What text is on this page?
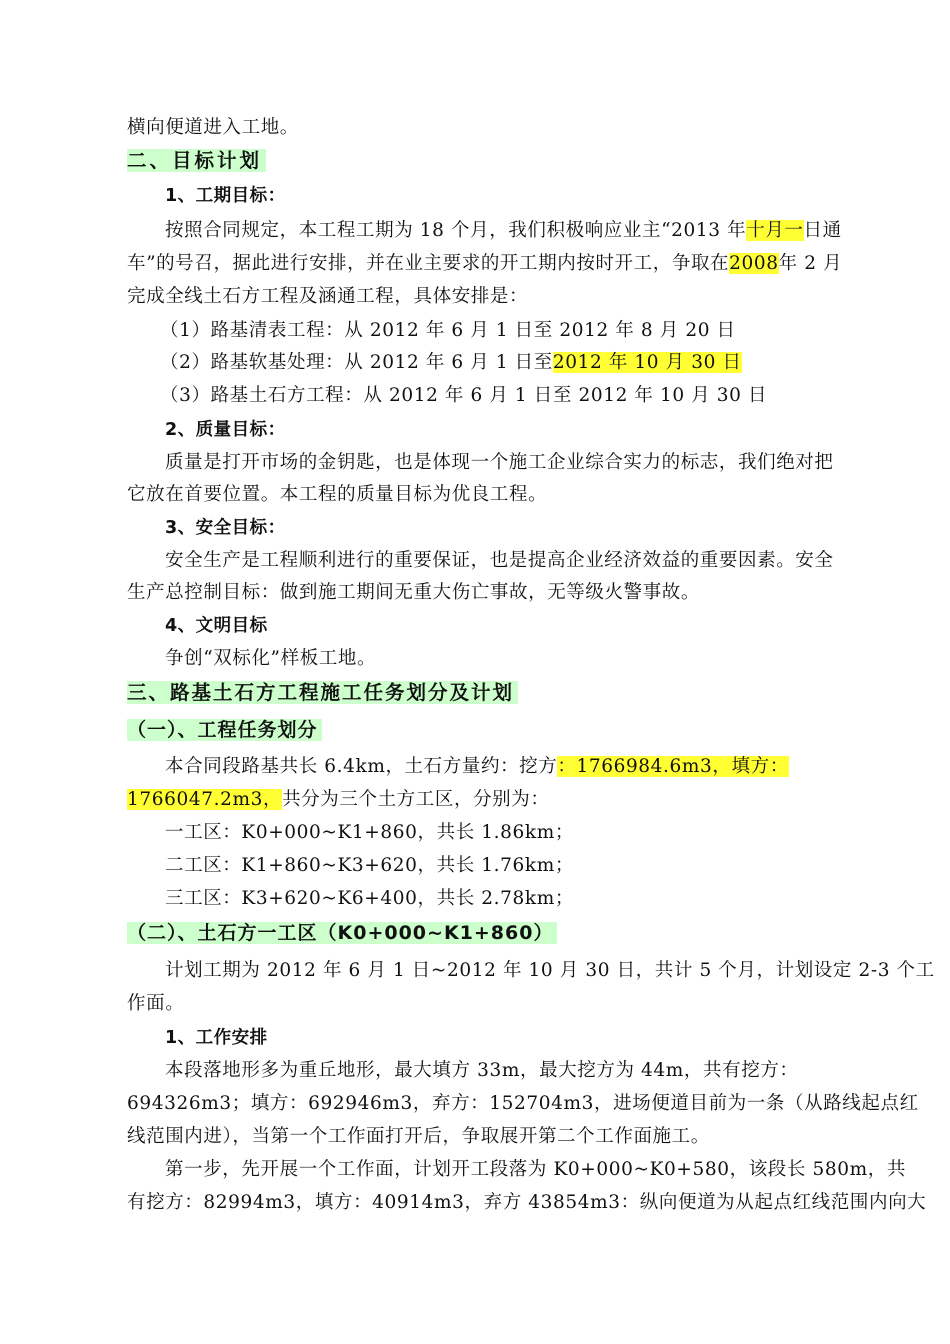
横向便道进入工地。
二、目标计划
1、工期目标：
按照合同规定，本工程工期为 18 个月，我们积极响应业主“2013 年十月一日通
车”的号召，据此进行安排，并在业主要求的开工期内按时开工，争取在2008年 2 月
完成全线土石方工程及涵通工程，具体安排是：
（1）路基清表工程：从 2012 年 6 月 1 日至 2012 年 8 月 20 日
（2）路基软基处理：从 2012 年 6 月 1 日至2012 年 10 月 30 日
（3）路基土石方工程：从 2012 年 6 月 1 日至 2012 年 10 月 30 日
2、质量目标：
质量是打开市场的金钥匙，也是体现一个施工企业综合实力的标志，我们绝对把
它放在首要位置。本工程的质量目标为优良工程。
3、安全目标：
安全生产是工程顺利进行的重要保证，也是提高企业经济效益的重要因素。安全
生产总控制目标：做到施工期间无重大伤亡事故，无等级火警事故。
4、文明目标
争创“双标化”样板工地。
三、路基土石方工程施工任务划分及计划
（一）、工程任务划分
本合同段路基共长 6.4km，土石方量约：挖方：1766984.6m3，填方：
1766047.2m3，共分为三个土方工区，分别为：
一工区：K0+000~K1+860，共长 1.86km；
二工区：K1+860~K3+620，共长 1.76km；
三工区：K3+620~K6+400，共长 2.78km；
（二）、土石方一工区（K0+000~K1+860）
计划工期为 2012 年 6 月 1 日~2012 年 10 月 30 日，共计 5 个月，计划设定 2-3 个工
作面。
1、工作安排
本段落地形多为重丘地形，最大填方 33m，最大挖方为 44m，共有挖方：
694326m3；填方：692946m3，弃方：152704m3，进场便道目前为一条（从路线起点红
线范围内进），当第一个工作面打开后，争取展开第二个工作面施工。
第一步，先开展一个工作面，计划开工段落为 K0+000~K0+580，该段长 580m，共
有挖方：82994m3，填方：40914m3，弃方 43854m3：纵向便道为从起点红线范围内向大
